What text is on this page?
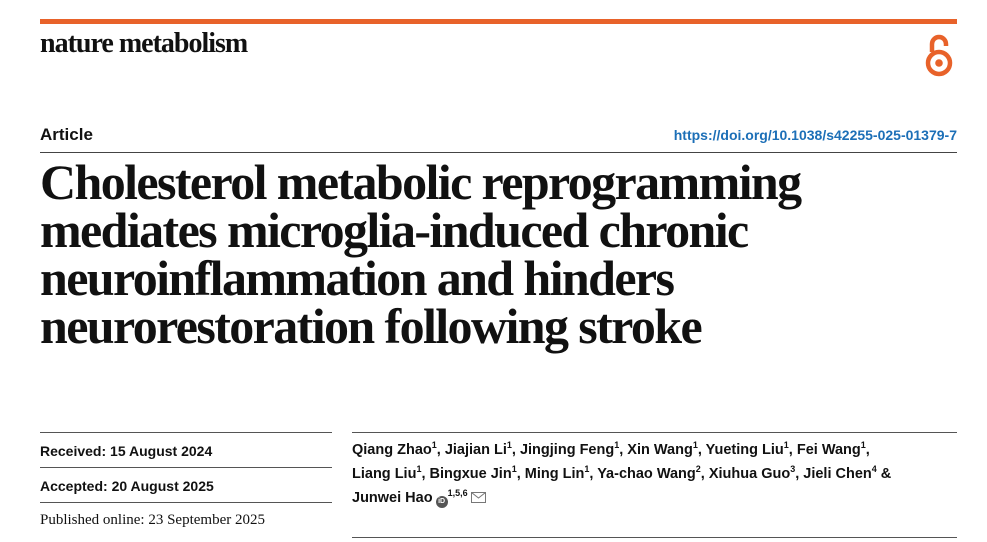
nature metabolism
Article	https://doi.org/10.1038/s42255-025-01379-7
Cholesterol metabolic reprogramming
mediates microglia-induced chronic
neuroinflammation and hinders
neurorestoration following stroke
Received: 15 August 2024
Accepted: 20 August 2025
Published online: 23 September 2025
Qiang Zhao$^1$, Jiajian Li$^1$, Jingjing Feng$^1$, Xin Wang$^1$, Yueting Liu$^1$, Fei Wang$^1$,
Liang Liu$^1$, Bingxue Jin$^1$, Ming Lin$^1$, Ya-chao Wang$^2$, Xiuhua Guo$^3$, Jieli Chen$^4$ &
Junwei Hao iD$^{1,5,6}$
